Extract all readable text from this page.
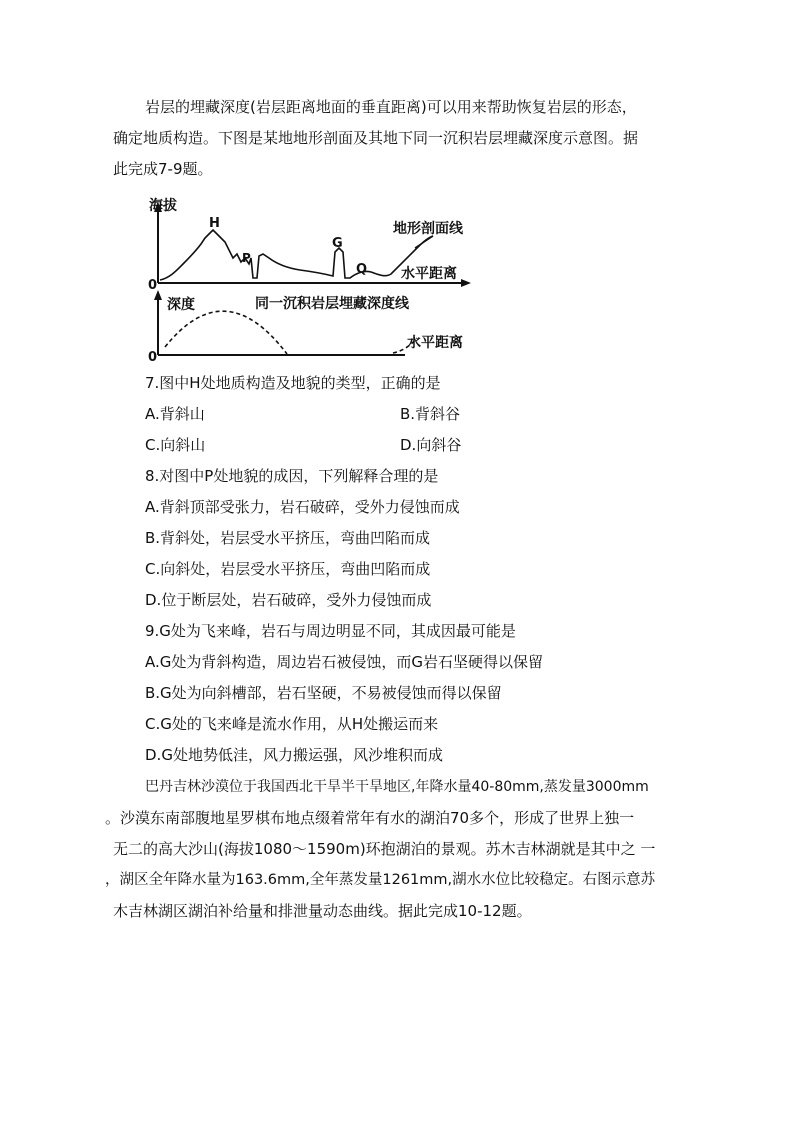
岩层的埋藏深度(岩层距离地面的垂直距离)可以用来帮助恢复岩层的形态，
确定地质构造。下图是某地地形剖面及其地下同一沉积岩层埋藏深度示意图。据
此完成7-9题。
海拔
0
H
P
G
Q
地形剖面线
水平距离
深度
0
同一沉积岩层埋藏深度线
水平距离
7.图中H处地质构造及地貌的类型，正确的是
A.背斜山	B.背斜谷
C.向斜山	D.向斜谷
8.对图中P处地貌的成因，下列解释合理的是
A.背斜顶部受张力，岩石破碎，受外力侵蚀而成
B.背斜处，岩层受水平挤压，弯曲凹陷而成
C.向斜处，岩层受水平挤压，弯曲凹陷而成
D.位于断层处，岩石破碎，受外力侵蚀而成
9.G处为飞来峰，岩石与周边明显不同，其成因最可能是
A.G处为背斜构造，周边岩石被侵蚀，而G岩石坚硬得以保留
B.G处为向斜槽部，岩石坚硬，不易被侵蚀而得以保留
C.G处的飞来峰是流水作用，从H处搬运而来
D.G处地势低洼，风力搬运强，风沙堆积而成
巴丹吉林沙漠位于我国西北干旱半干旱地区,年降水量40-80mm,蒸发量3000mm
。沙漠东南部腹地星罗棋布地点缀着常年有水的湖泊70多个，形成了世界上独一
无二的高大沙山(海拔1080～1590m)环抱湖泊的景观。苏木吉林湖就是其中之 一
，湖区全年降水量为163.6mm,全年蒸发量1261mm,湖水水位比较稳定。右图示意苏
木吉林湖区湖泊补给量和排泄量动态曲线。据此完成10-12题。
